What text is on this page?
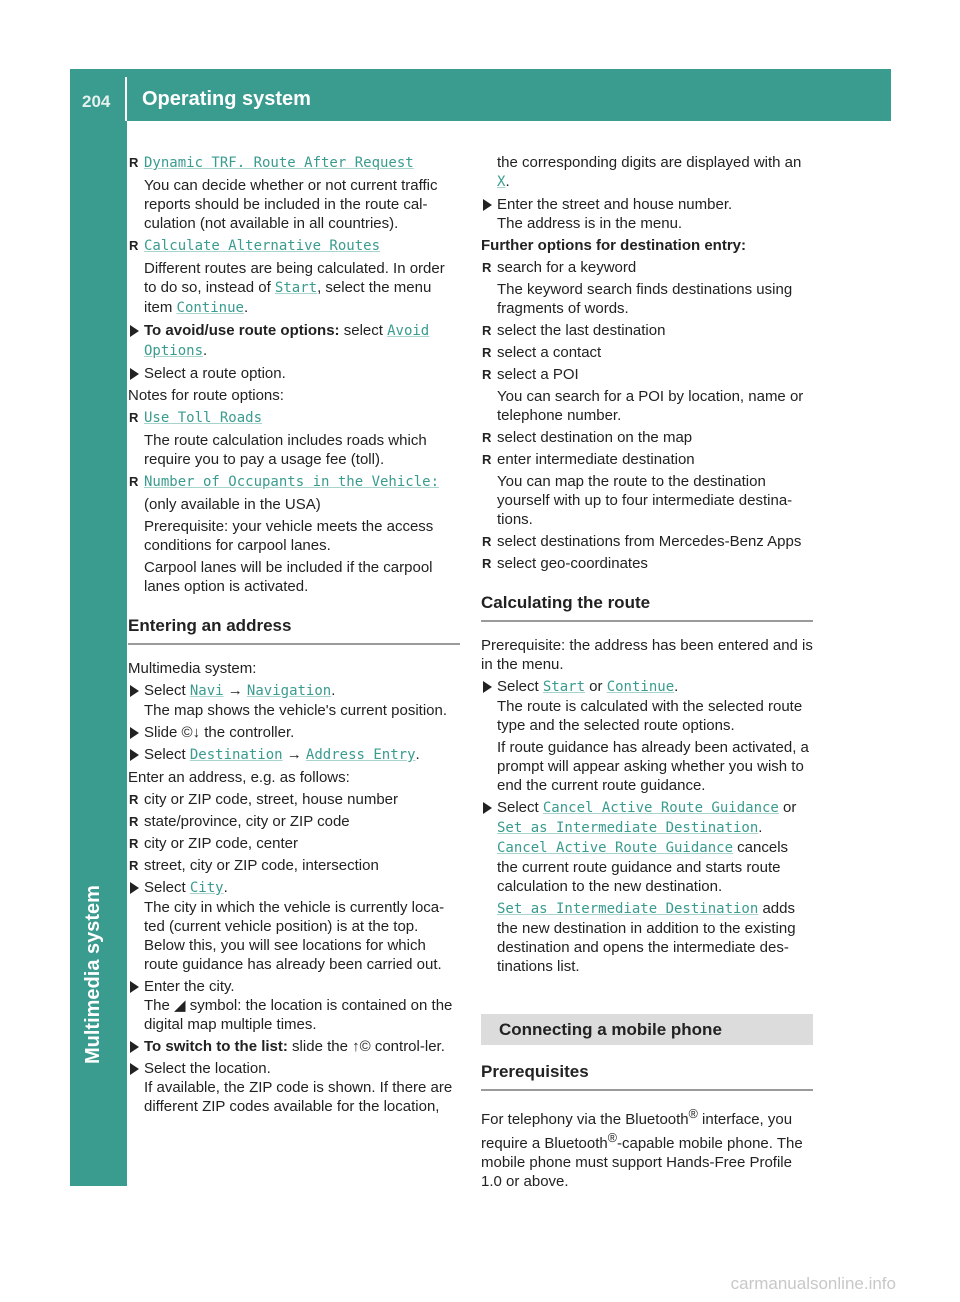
204 Operating system
Multimedia system

R Dynamic TRF. Route After Request

You can decide whether or not current traffic reports should be included in the route cal-culation (not available in all countries).

R Calculate Alternative Routes

Different routes are being calculated. In order to do so, instead of Start, select the menu item Continue.

To avoid/use route options: select Avoid Options.

Select a route option.

Notes for route options:

R Use Toll Roads

The route calculation includes roads which require you to pay a usage fee (toll).

R Number of Occupants in the Vehicle:

(only available in the USA)

Prerequisite: your vehicle meets the access conditions for carpool lanes.

Carpool lanes will be included if the carpool lanes option is activated.

Entering an address

Multimedia system:

Select Navi → Navigation.

The map shows the vehicle's current position.

Slide ©↓ the controller.

Select Destination → Address Entry.

Enter an address, e.g. as follows:

R city or ZIP code, street, house number

R state/province, city or ZIP code

R city or ZIP code, center

R street, city or ZIP code, intersection

Select City.

The city in which the vehicle is currently loca-ted (current vehicle position) is at the top. Below this, you will see locations for which route guidance has already been carried out.

Enter the city.

The ◢ symbol: the location is contained on the digital map multiple times.

To switch to the list: slide the ↑© control-ler.

Select the location.

If available, the ZIP code is shown. If there are different ZIP codes available for the location,

the corresponding digits are displayed with an X.

Enter the street and house number.

The address is in the menu.

Further options for destination entry:

R search for a keyword

The keyword search finds destinations using fragments of words.

R select the last destination

R select a contact

R select a POI

You can search for a POI by location, name or telephone number.

R select destination on the map

R enter intermediate destination

You can map the route to the destination yourself with up to four intermediate destina-tions.

R select destinations from Mercedes-Benz Apps

R select geo-coordinates

Calculating the route

Prerequisite: the address has been entered and is in the menu.

Select Start or Continue.

The route is calculated with the selected route type and the selected route options.

If route guidance has already been activated, a prompt will appear asking whether you wish to end the current route guidance.

Select Cancel Active Route Guidance or Set as Intermediate Destination.

Cancel Active Route Guidance cancels the current route guidance and starts route calculation to the new destination.

Set as Intermediate Destination adds the new destination in addition to the existing destination and opens the intermediate des-tinations list.

Connecting a mobile phone

Prerequisites

For telephony via the Bluetooth® interface, you require a Bluetooth®-capable mobile phone. The mobile phone must support Hands-Free Profile 1.0 or above.

carmanualsonline.info
